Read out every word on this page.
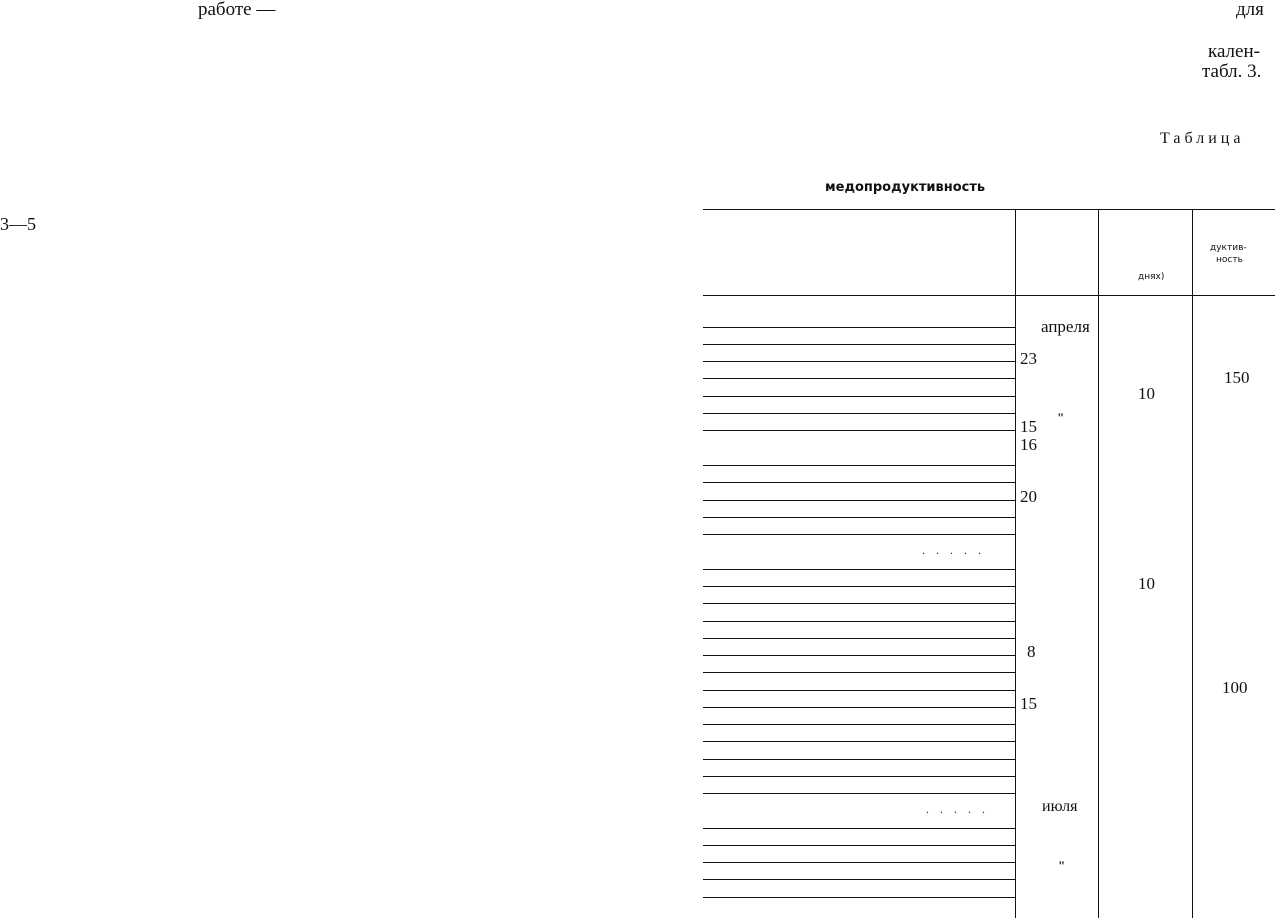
работе —
3—5
для
кален-
табл. 3.
Таблица
медопродуктивность
днях)
дуктив-
ность
. . . . .
. . . . .
апреля
23
15 "
16
20
8
15
июля
"
10
10
150
100
